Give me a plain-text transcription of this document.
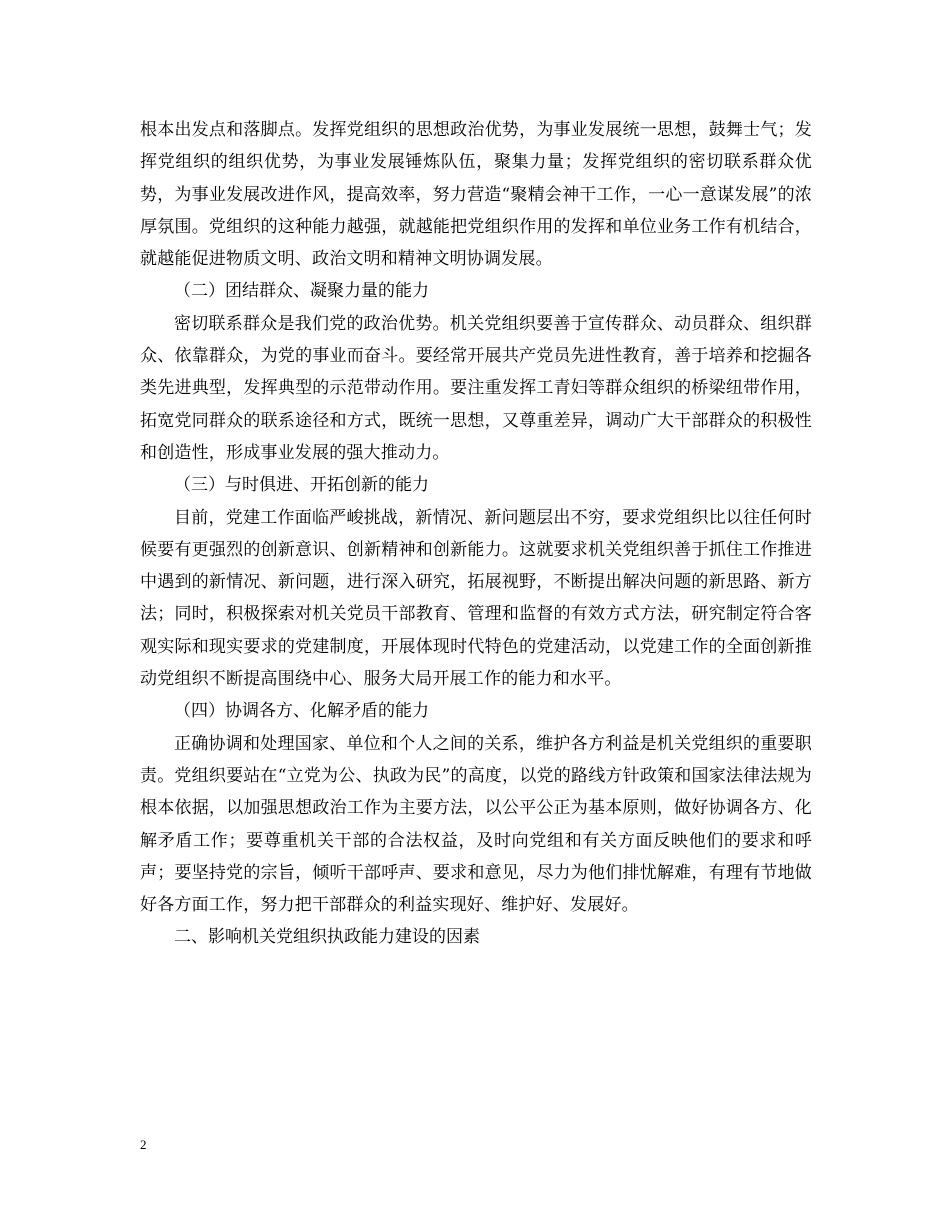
根本出发点和落脚点。发挥党组织的思想政治优势，为事业发展统一思想，鼓舞士气；发挥党组织的组织优势，为事业发展锤炼队伍，聚集力量；发挥党组织的密切联系群众优势，为事业发展改进作风，提高效率，努力营造“聚精会神干工作，一心一意谋发展”的浓厚氛围。党组织的这种能力越强，就越能把党组织作用的发挥和单位业务工作有机结合，就越能促进物质文明、政治文明和精神文明协调发展。

（二）团结群众、凝聚力量的能力

密切联系群众是我们党的政治优势。机关党组织要善于宣传群众、动员群众、组织群众、依靠群众，为党的事业而奋斗。要经常开展共产党员先进性教育，善于培养和挖掘各类先进典型，发挥典型的示范带动作用。要注重发挥工青妇等群众组织的桥梁纽带作用，拓宽党同群众的联系途径和方式，既统一思想，又尊重差异，调动广大干部群众的积极性和创造性，形成事业发展的强大推动力。

（三）与时俱进、开拓创新的能力

目前，党建工作面临严峻挑战，新情况、新问题层出不穷，要求党组织比以往任何时候要有更强烈的创新意识、创新精神和创新能力。这就要求机关党组织善于抓住工作推进中遇到的新情况、新问题，进行深入研究，拓展视野，不断提出解决问题的新思路、新方法；同时，积极探索对机关党员干部教育、管理和监督的有效方式方法，研究制定符合客观实际和现实要求的党建制度，开展体现时代特色的党建活动，以党建工作的全面创新推动党组织不断提高围绕中心、服务大局开展工作的能力和水平。

（四）协调各方、化解矛盾的能力

正确协调和处理国家、单位和个人之间的关系，维护各方利益是机关党组织的重要职责。党组织要站在“立党为公、执政为民”的高度，以党的路线方针政策和国家法律法规为根本依据，以加强思想政治工作为主要方法，以公平公正为基本原则，做好协调各方、化解矛盾工作；要尊重机关干部的合法权益，及时向党组和有关方面反映他们的要求和呼声；要坚持党的宗旨，倾听干部呼声、要求和意见，尽力为他们排忧解难，有理有节地做好各方面工作，努力把干部群众的利益实现好、维护好、发展好。

二、影响机关党组织执政能力建设的因素

2
